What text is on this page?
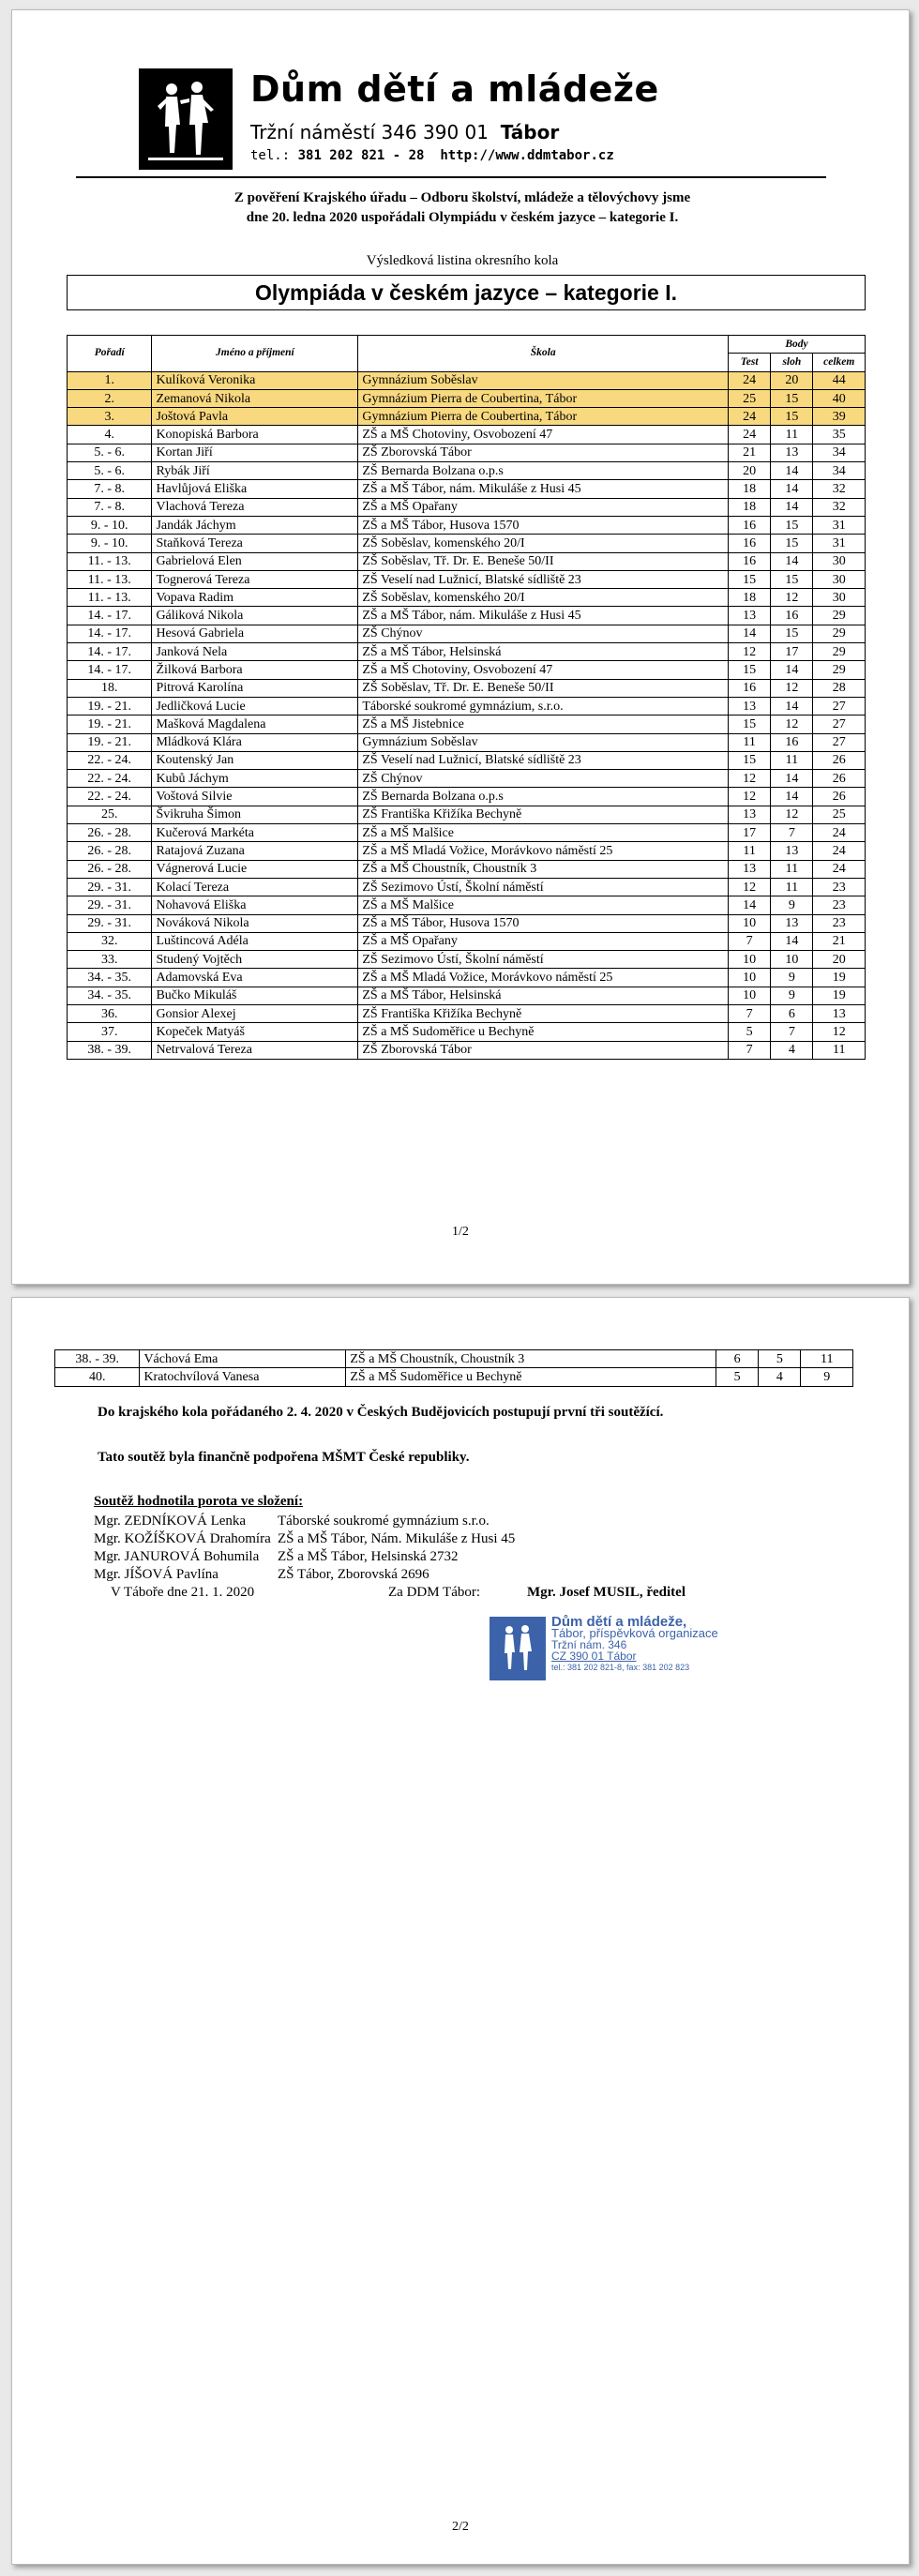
Dům dětí a mládeže
Tržní náměstí 346 390 01 Tábor
tel.: 381 202 821 - 28 http://www.ddmtabor.cz
Z pověření Krajského úřadu – Odboru školství, mládeže a tělovýchovy jsme
dne 20. ledna 2020 uspořádali Olympiádu v českém jazyce – kategorie I.
Výsledková listina okresního kola
Olympiáda v českém jazyce – kategorie I.
Pořadí	Jméno a příjmení	Škola	Body		
			Test	sloh	celkem
1.	Kulíková Veronika	Gymnázium Soběslav	24	20	44
2.	Zemanová Nikola	Gymnázium Pierra de Coubertina, Tábor	25	15	40
3.	Joštová Pavla	Gymnázium Pierra de Coubertina, Tábor	24	15	39
4.	Konopiská Barbora	ZŠ a MŠ Chotoviny, Osvobození 47	24	11	35
5. - 6.	Kortan Jiří	ZŠ Zborovská Tábor	21	13	34
5. - 6.	Rybák Jiří	ZŠ Bernarda Bolzana o.p.s	20	14	34
7. - 8.	Havlůjová Eliška	ZŠ a MŠ Tábor, nám. Mikuláše z Husi 45	18	14	32
7. - 8.	Vlachová Tereza	ZŠ a MŠ Opařany	18	14	32
9. - 10.	Jandák Jáchym	ZŠ a MŠ Tábor, Husova 1570	16	15	31
9. - 10.	Staňková Tereza	ZŠ Soběslav, komenského 20/I	16	15	31
11. - 13.	Gabrielová Elen	ZŠ Soběslav, Tř. Dr. E. Beneše 50/II	16	14	30
11. - 13.	Tognerová Tereza	ZŠ Veselí nad Lužnicí, Blatské sídliště 23	15	15	30
11. - 13.	Vopava Radim	ZŠ Soběslav, komenského 20/I	18	12	30
14. - 17.	Gáliková Nikola	ZŠ a MŠ Tábor, nám. Mikuláše z Husi 45	13	16	29
14. - 17.	Hesová Gabriela	ZŠ Chýnov	14	15	29
14. - 17.	Janková Nela	ZŠ a MŠ Tábor, Helsinská	12	17	29
14. - 17.	Žilková Barbora	ZŠ a MŠ Chotoviny, Osvobození 47	15	14	29
18.	Pitrová Karolína	ZŠ Soběslav, Tř. Dr. E. Beneše 50/II	16	12	28
19. - 21.	Jedličková Lucie	Táborské soukromé gymnázium, s.r.o.	13	14	27
19. - 21.	Mašková Magdalena	ZŠ a MŠ Jistebnice	15	12	27
19. - 21.	Mládková Klára	Gymnázium Soběslav	11	16	27
22. - 24.	Koutenský Jan	ZŠ Veselí nad Lužnicí, Blatské sídliště 23	15	11	26
22. - 24.	Kubů Jáchym	ZŠ Chýnov	12	14	26
22. - 24.	Voštová Silvie	ZŠ Bernarda Bolzana o.p.s	12	14	26
25.	Švikruha Šimon	ZŠ Františka Křižíka Bechyně	13	12	25
26. - 28.	Kučerová Markéta	ZŠ a MŠ Malšice	17	7	24
26. - 28.	Ratajová Zuzana	ZŠ a MŠ Mladá Vožice, Morávkovo náměstí 25	11	13	24
26. - 28.	Vágnerová Lucie	ZŠ a MŠ Choustník, Choustník 3	13	11	24
29. - 31.	Kolací Tereza	ZŠ Sezimovo Ústí, Školní náměstí	12	11	23
29. - 31.	Nohavová Eliška	ZŠ a MŠ Malšice	14	9	23
29. - 31.	Nováková Nikola	ZŠ a MŠ Tábor, Husova 1570	10	13	23
32.	Luštincová Adéla	ZŠ a MŠ Opařany	7	14	21
33.	Studený Vojtěch	ZŠ Sezimovo Ústí, Školní náměstí	10	10	20
34. - 35.	Adamovská Eva	ZŠ a MŠ Mladá Vožice, Morávkovo náměstí 25	10	9	19
34. - 35.	Bučko Mikuláš	ZŠ a MŠ Tábor, Helsinská	10	9	19
36.	Gonsior Alexej	ZŠ Františka Křižíka Bechyně	7	6	13
37.	Kopeček Matyáš	ZŠ a MŠ Sudoměřice u Bechyně	5	7	12
38. - 39.	Netrvalová Tereza	ZŠ Zborovská Tábor	7	4	11
1/2
2/2
38. - 39.	Váchová Ema	ZŠ a MŠ Choustník, Choustník 3	6	5	11
40.	Kratochvílová Vanesa	ZŠ a MŠ Sudoměřice u Bechyně	5	4	9
Do krajského kola pořádaného 2. 4. 2020 v Českých Budějovicích postupují první tři soutěžící.
Tato soutěž byla finančně podpořena MŠMT České republiky.
Soutěž hodnotila porota ve složení:
Mgr. ZEDNÍKOVÁ Lenka	Táborské soukromé gymnázium s.r.o.
Mgr. KOŽÍŠKOVÁ Drahomíra ZŠ a MŠ Tábor, Nám. Mikuláše z Husi 45
Mgr. JANUROVÁ Bohumila	ZŠ a MŠ Tábor, Helsinská 2732
Mgr. JÍŠOVÁ Pavlína	ZŠ Tábor, Zborovská 2696
V Táboře dne 21. 1. 2020	Za DDM Tábor:	Mgr. Josef MUSIL, ředitel
Dům dětí a mládeže,
Tábor, příspěvková organizace
Tržní nám. 346
CZ 390 01 Tábor
tel.: 381 202 821-8, fax: 381 202 823
